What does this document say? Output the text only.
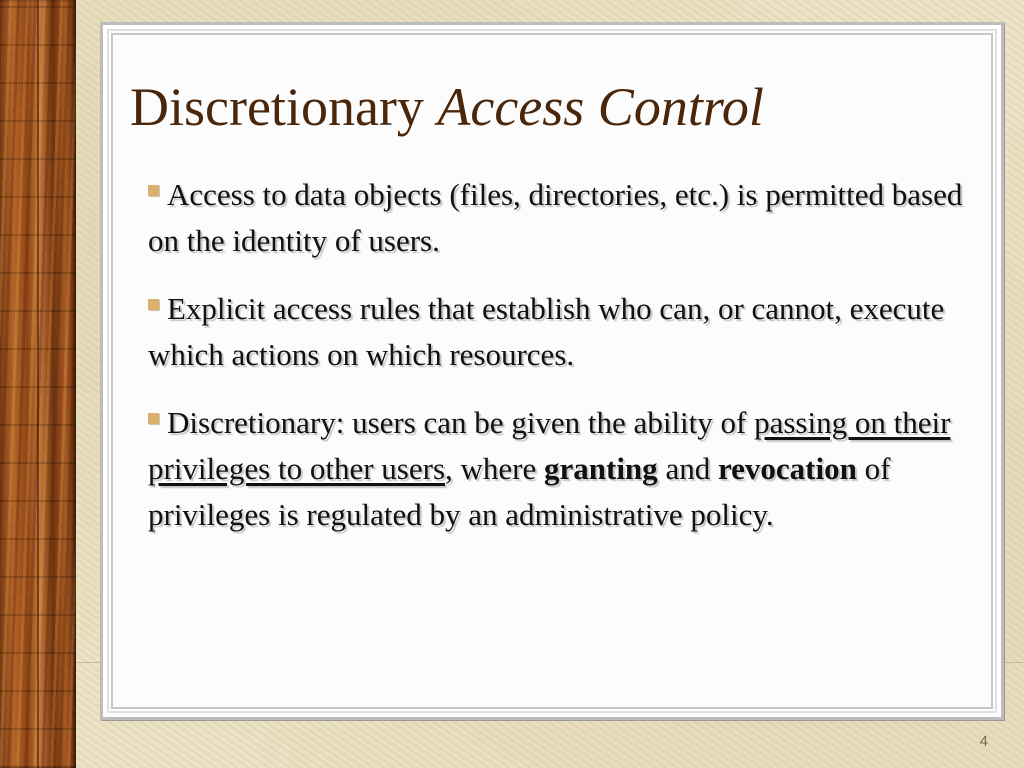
Discretionary Access Control
Access to data objects (files, directories, etc.) is permitted based on the identity of users.
Explicit access rules that establish who can, or cannot, execute which actions on which resources.
Discretionary: users can be given the ability of passing on their privileges to other users, where granting and revocation of privileges is regulated by an administrative policy.
4
